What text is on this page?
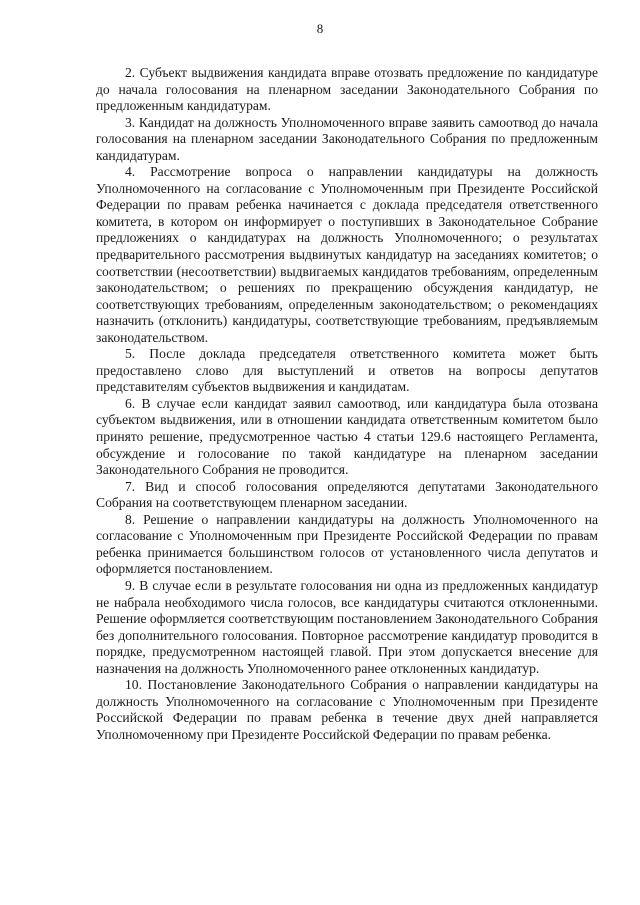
8

2. Субъект выдвижения кандидата вправе отозвать предложение по кандидатуре до начала голосования на пленарном заседании Законодательного Собрания по предложенным кандидатурам.

3. Кандидат на должность Уполномоченного вправе заявить самоотвод до начала голосования на пленарном заседании Законодательного Собрания по предложенным кандидатурам.

4. Рассмотрение вопроса о направлении кандидатуры на должность Уполномоченного на согласование с Уполномоченным при Президенте Российской Федерации по правам ребенка начинается с доклада председателя ответственного комитета, в котором он информирует о поступивших в Законодательное Собрание предложениях о кандидатурах на должность Уполномоченного; о результатах предварительного рассмотрения выдвинутых кандидатур на заседаниях комитетов; о соответствии (несоответствии) выдвигаемых кандидатов требованиям, определенным законодательством; о решениях по прекращению обсуждения кандидатур, не соответствующих требованиям, определенным законодательством; о рекомендациях назначить (отклонить) кандидатуры, соответствующие требованиям, предъявляемым законодательством.

5. После доклада председателя ответственного комитета может быть предоставлено слово для выступлений и ответов на вопросы депутатов представителям субъектов выдвижения и кандидатам.

6. В случае если кандидат заявил самоотвод, или кандидатура была отозвана субъектом выдвижения, или в отношении кандидата ответственным комитетом было принято решение, предусмотренное частью 4 статьи 129.6 настоящего Регламента, обсуждение и голосование по такой кандидатуре на пленарном заседании Законодательного Собрания не проводится.

7. Вид и способ голосования определяются депутатами Законодательного Собрания на соответствующем пленарном заседании.

8. Решение о направлении кандидатуры на должность Уполномоченного на согласование с Уполномоченным при Президенте Российской Федерации по правам ребенка принимается большинством голосов от установленного числа депутатов и оформляется постановлением.

9. В случае если в результате голосования ни одна из предложенных кандидатур не набрала необходимого числа голосов, все кандидатуры считаются отклоненными. Решение оформляется соответствующим постановлением Законодательного Собрания без дополнительного голосования. Повторное рассмотрение кандидатур проводится в порядке, предусмотренном настоящей главой. При этом допускается внесение для назначения на должность Уполномоченного ранее отклоненных кандидатур.

10. Постановление Законодательного Собрания о направлении кандидатуры на должность Уполномоченного на согласование с Уполномоченным при Президенте Российской Федерации по правам ребенка в течение двух дней направляется Уполномоченному при Президенте Российской Федерации по правам ребенка.
